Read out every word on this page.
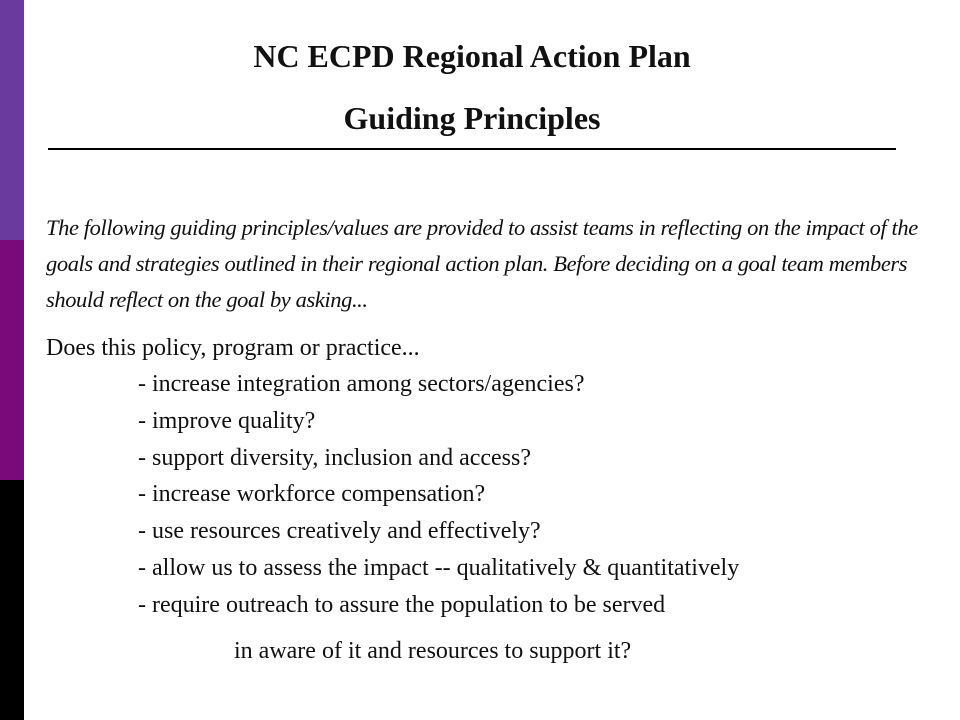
NC ECPD Regional Action Plan
Guiding Principles

The following guiding principles/values are provided to assist teams in reflecting on the impact of the goals and strategies outlined in their regional action plan. Before deciding on a goal team members should reflect on the goal by asking...

Does this policy, program or practice...

- increase integration among sectors/agencies?
- improve quality?
- support diversity, inclusion and access?
- increase workforce compensation?
- use resources creatively and effectively?
- allow us to assess the impact -- qualitatively & quantitatively
- require outreach to assure the population to be served

in aware of it and resources to support it?
